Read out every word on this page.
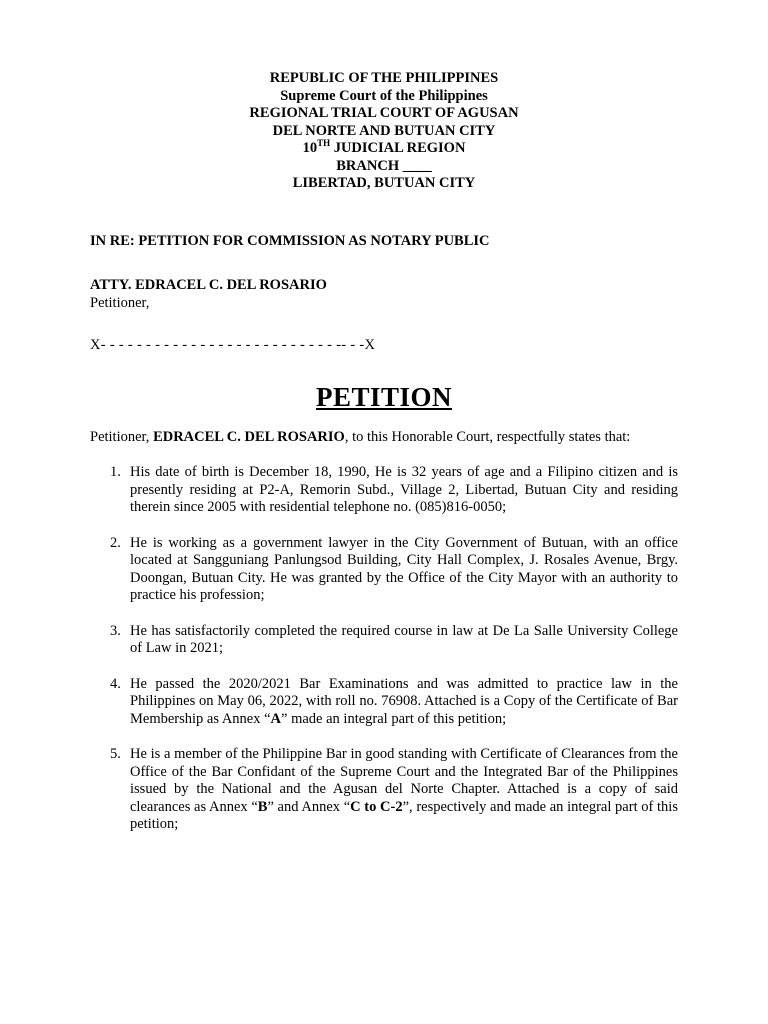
REPUBLIC OF THE PHILIPPINES
Supreme Court of the Philippines
REGIONAL TRIAL COURT OF AGUSAN
DEL NORTE AND BUTUAN CITY
10TH JUDICIAL REGION
BRANCH ____
LIBERTAD, BUTUAN CITY
IN RE: PETITION FOR COMMISSION AS NOTARY PUBLIC
ATTY. EDRACEL C. DEL ROSARIO
Petitioner,
X- - - - - - - - - - - - - - - - - - - - - - - - - - -- - -X
PETITION
Petitioner, EDRACEL C. DEL ROSARIO, to this Honorable Court, respectfully states that:
1. His date of birth is December 18, 1990, He is 32 years of age and a Filipino citizen and is presently residing at P2-A, Remorin Subd., Village 2, Libertad, Butuan City and residing therein since 2005 with residential telephone no. (085)816-0050;
2. He is working as a government lawyer in the City Government of Butuan, with an office located at Sangguniang Panlungsod Building, City Hall Complex, J. Rosales Avenue, Brgy. Doongan, Butuan City. He was granted by the Office of the City Mayor with an authority to practice his profession;
3. He has satisfactorily completed the required course in law at De La Salle University College of Law in 2021;
4. He passed the 2020/2021 Bar Examinations and was admitted to practice law in the Philippines on May 06, 2022, with roll no. 76908. Attached is a Copy of the Certificate of Bar Membership as Annex “A” made an integral part of this petition;
5. He is a member of the Philippine Bar in good standing with Certificate of Clearances from the Office of the Bar Confidant of the Supreme Court and the Integrated Bar of the Philippines issued by the National and the Agusan del Norte Chapter. Attached is a copy of said clearances as Annex “B” and Annex “C to C-2”, respectively and made an integral part of this petition;
